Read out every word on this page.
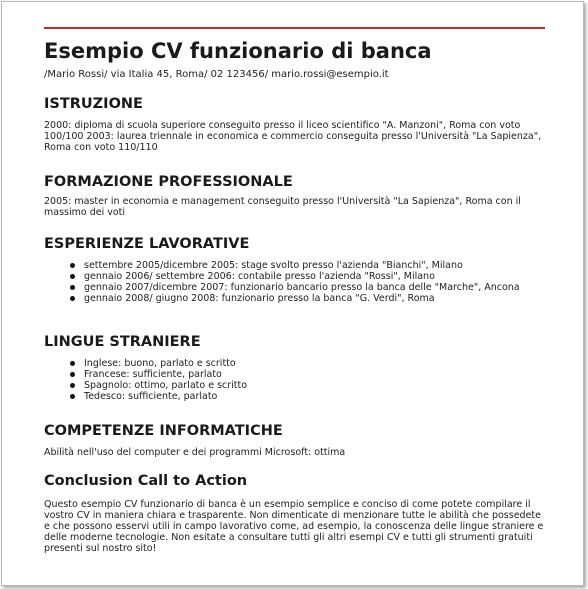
Esempio CV funzionario di banca
/Mario Rossi/ via Italia 45, Roma/ 02 123456/ mario.rossi@esempio.it
ISTRUZIONE

2000: diploma di scuola superiore conseguito presso il liceo scientifico "A. Manzoni", Roma con voto 100/100 2003: laurea triennale in economica e commercio conseguita presso l'Università "La Sapienza", Roma con voto 110/110

FORMAZIONE PROFESSIONALE

2005: master in economia e management conseguito presso l'Università "La Sapienza", Roma con il massimo dei voti

ESPERIENZE LAVORATIVE
settembre 2005/dicembre 2005: stage svolto presso l'azienda "Bianchi", Milano
gennaio 2006/ settembre 2006: contabile presso l'azienda "Rossi", Milano
gennaio 2007/dicembre 2007: funzionario bancario presso la banca delle "Marche", Ancona
gennaio 2008/ giugno 2008: funzionario presso la banca "G. Verdi", Roma
LINGUE STRANIERE
Inglese: buono, parlato e scritto
Francese: sufficiente, parlato
Spagnolo: ottimo, parlato e scritto
Tedesco: sufficiente, parlato
COMPETENZE INFORMATICHE

Abilità nell'uso del computer e dei programmi Microsoft: ottima

Conclusion Call to Action

Questo esempio CV funzionario di banca è un esempio semplice e conciso di come potete compilare il vostro CV in maniera chiara e trasparente. Non dimenticate di menzionare tutte le abilità che possedete e che possono esservi utili in campo lavorativo come, ad esempio, la conoscenza delle lingue straniere e delle moderne tecnologie. Non esitate a consultare tutti gli altri esempi CV e tutti gli strumenti gratuiti presenti sul nostro sito!
